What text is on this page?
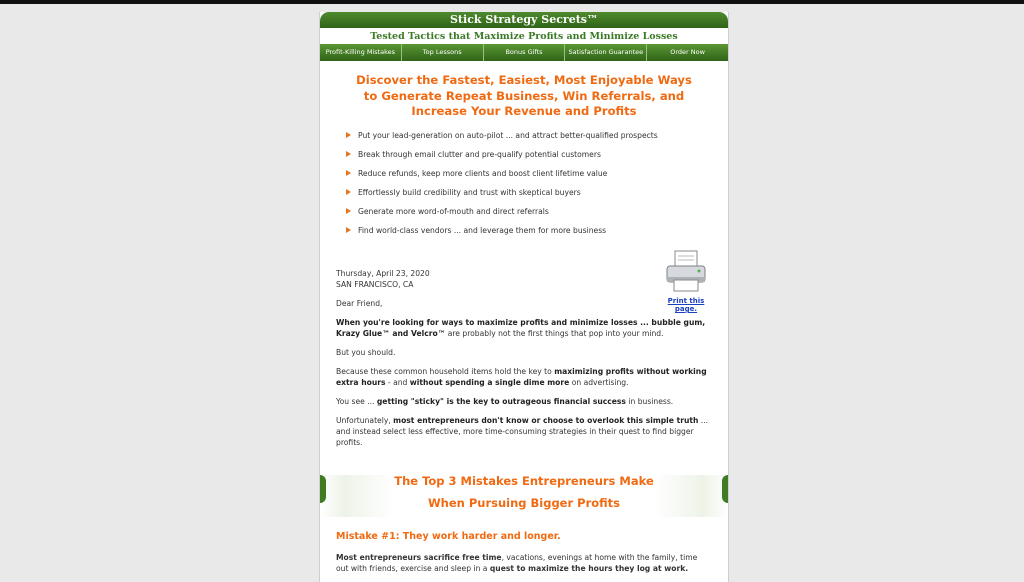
Stick Strategy Secrets™
Tested Tactics that Maximize Profits and Minimize Losses
Profit-Killing Mistakes	Top Lessons	Bonus Gifts	Satisfaction Guarantee	Order Now
Discover the Fastest, Easiest, Most Enjoyable Ways
to Generate Repeat Business, Win Referrals, and
Increase Your Revenue and Profits
Put your lead-generation on auto-pilot ... and attract better-qualified prospects
Break through email clutter and pre-qualify potential customers
Reduce refunds, keep more clients and boost client lifetime value
Effortlessly build credibility and trust with skeptical buyers
Generate more word-of-mouth and direct referrals
Find world-class vendors ... and leverage them for more business
Print this page.
Thursday, April 23, 2020
SAN FRANCISCO, CA

Dear Friend,

When you're looking for ways to maximize profits and minimize losses ... bubble gum, Krazy Glue™ and Velcro™ are probably not the first things that pop into your mind.

But you should.

Because these common household items hold the key to maximizing profits without working extra hours - and without spending a single dime more on advertising.

You see ... getting "sticky" is the key to outrageous financial success in business.

Unfortunately, most entrepreneurs don't know or choose to overlook this simple truth ... and instead select less effective, more time-consuming strategies in their quest to find bigger profits.

The Top 3 Mistakes Entrepreneurs Make
When Pursuing Bigger Profits
Mistake #1: They work harder and longer.
Most entrepreneurs sacrifice free time, vacations, evenings at home with the family, time out with friends, exercise and sleep in a quest to maximize the hours they log at work.
